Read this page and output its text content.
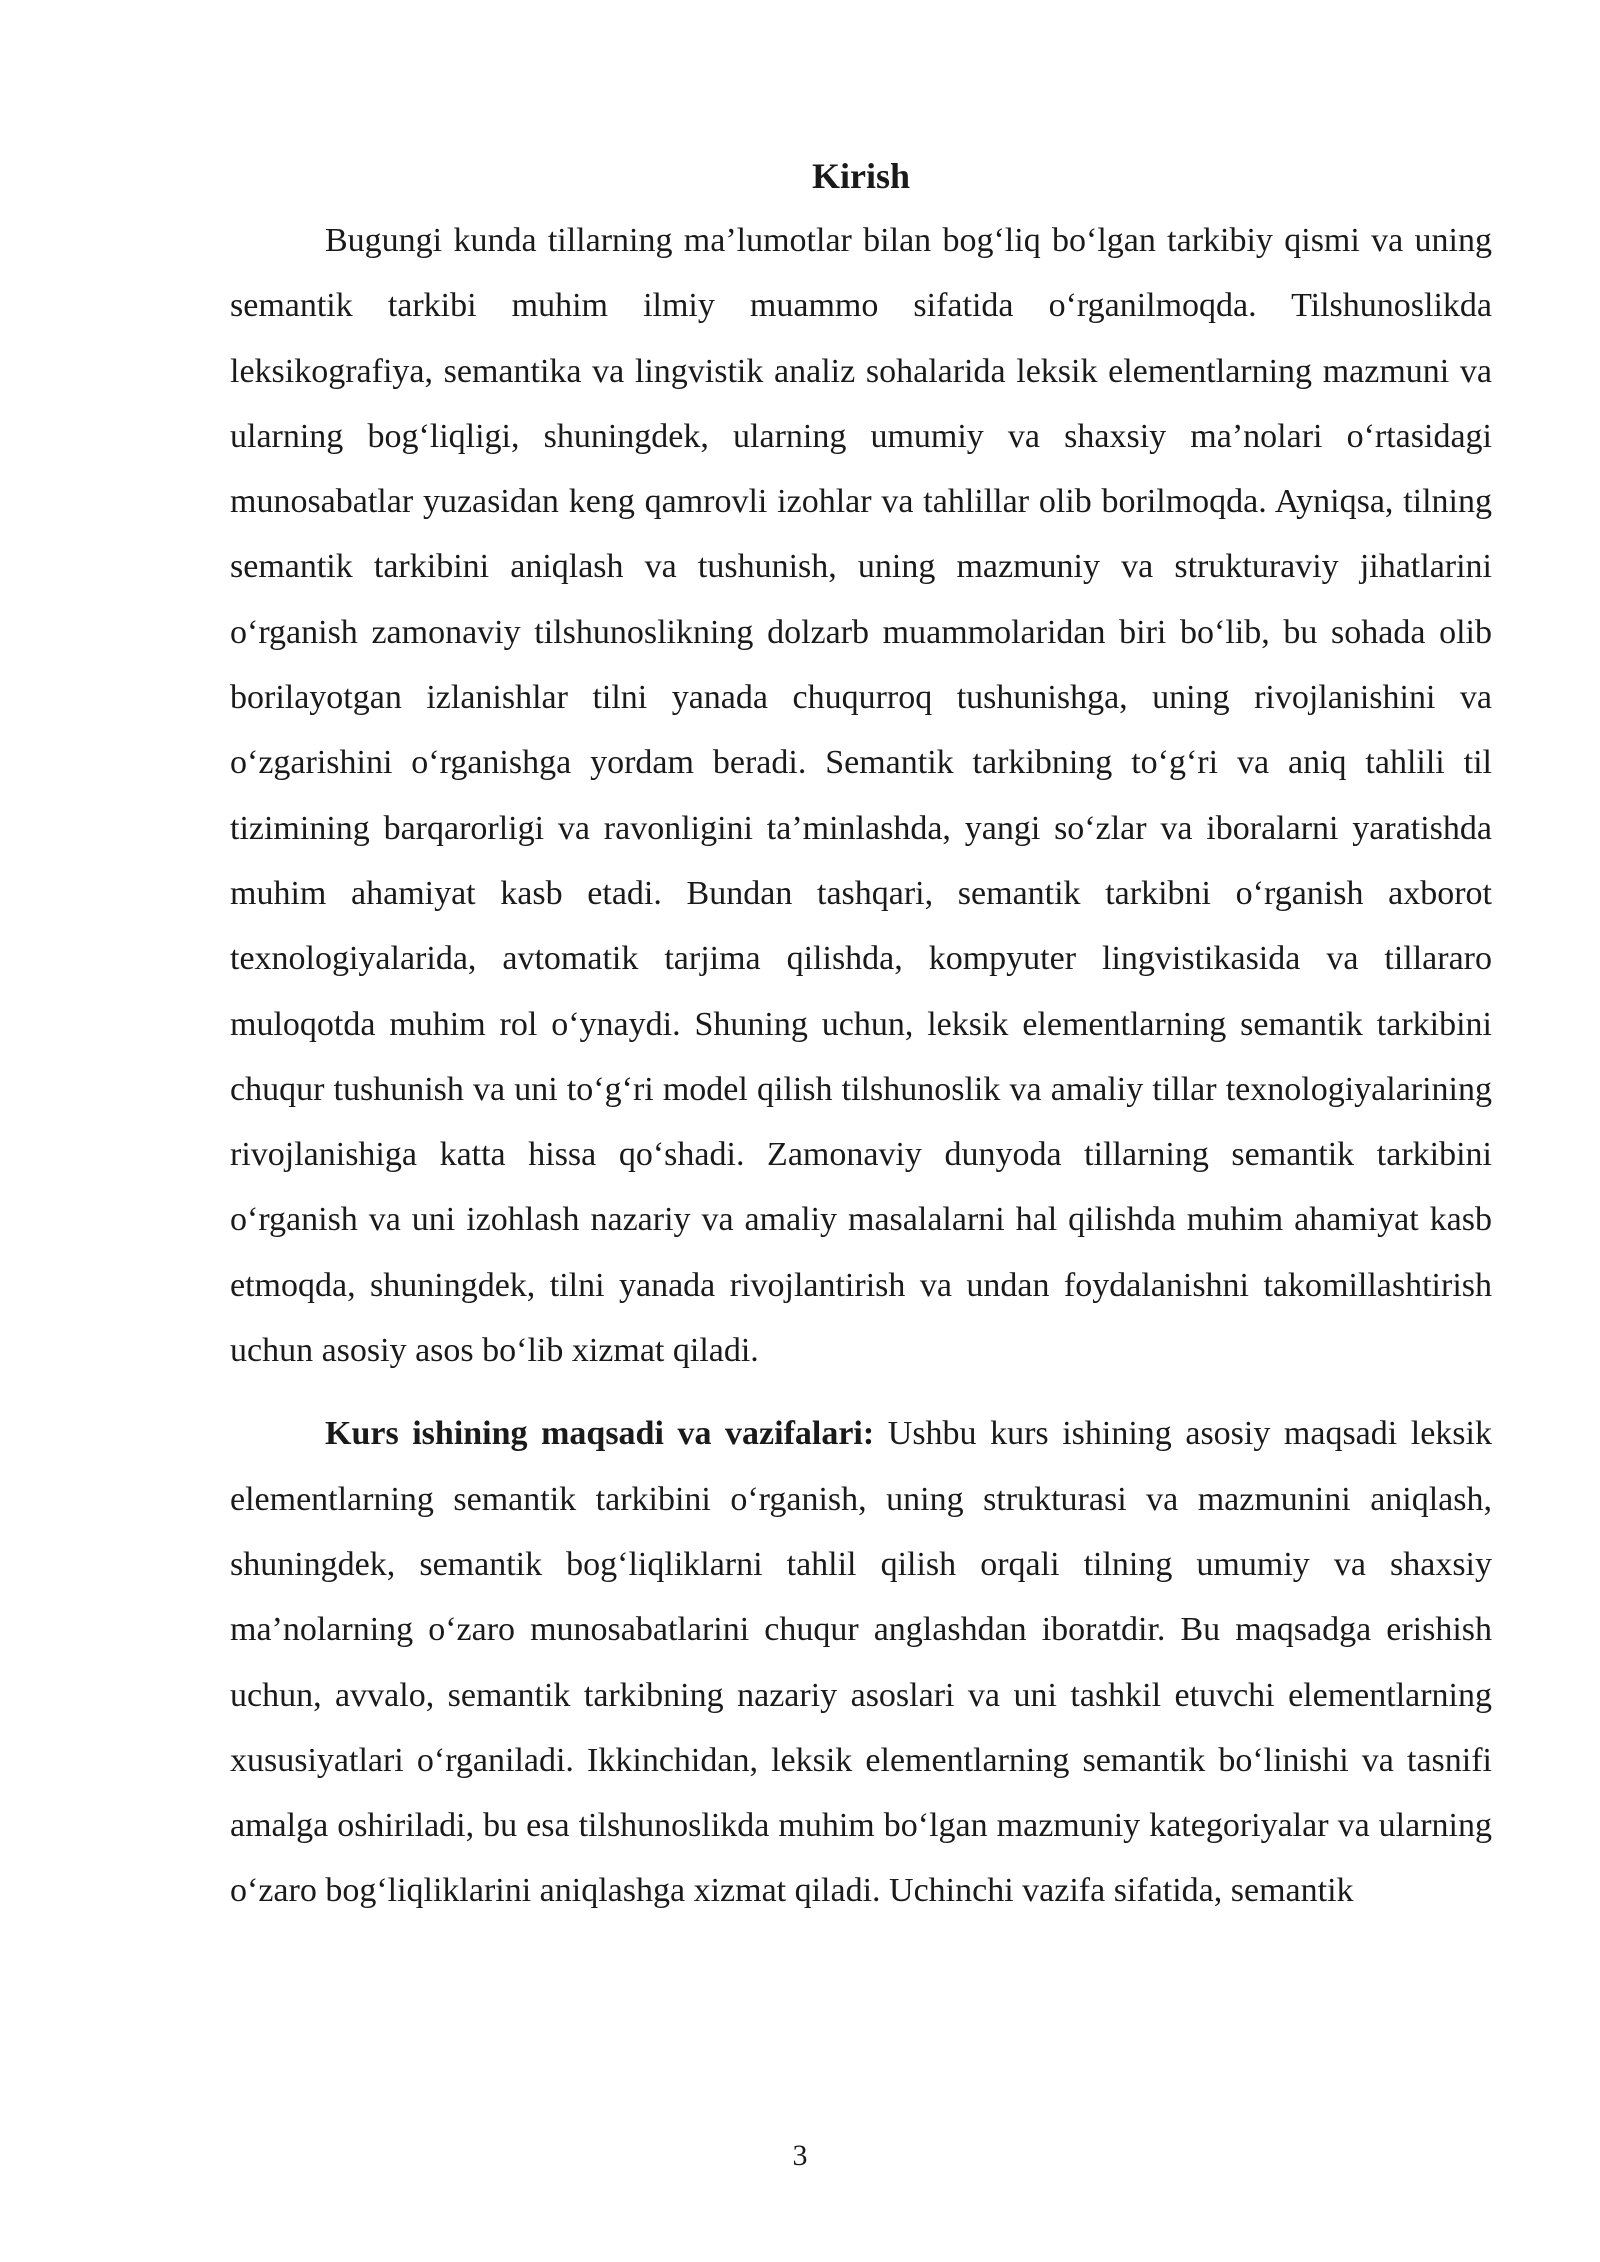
Kirish

Bugungi kunda tillarning ma’lumotlar bilan bog‘liq bo‘lgan tarkibiy qismi va uning semantik tarkibi muhim ilmiy muammo sifatida o‘rganilmoqda. Tilshunoslikda leksikografiya, semantika va lingvistik analiz sohalarida leksik elementlarning mazmuni va ularning bog‘liqligi, shuningdek, ularning umumiy va shaxsiy ma’nolari o‘rtasidagi munosabatlar yuzasidan keng qamrovli izohlar va tahlillar olib borilmoqda. Ayniqsa, tilning semantik tarkibini aniqlash va tushunish, uning mazmuniy va strukturaviy jihatlarini o‘rganish zamonaviy tilshunoslikning dolzarb muammolaridan biri bo‘lib, bu sohada olib borilayotgan izlanishlar tilni yanada chuqurroq tushunishga, uning rivojlanishini va o‘zgarishini o‘rganishga yordam beradi. Semantik tarkibning to‘g‘ri va aniq tahlili til tizimining barqarorligi va ravonligini ta’minlashda, yangi so‘zlar va iboralarni yaratishda muhim ahamiyat kasb etadi. Bundan tashqari, semantik tarkibni o‘rganish axborot texnologiyalarida, avtomatik tarjima qilishda, kompyuter lingvistikasida va tillararo muloqotda muhim rol o‘ynaydi. Shuning uchun, leksik elementlarning semantik tarkibini chuqur tushunish va uni to‘g‘ri model qilish tilshunoslik va amaliy tillar texnologiyalarining rivojlanishiga katta hissa qo‘shadi. Zamonaviy dunyoda tillarning semantik tarkibini o‘rganish va uni izohlash nazariy va amaliy masalalarni hal qilishda muhim ahamiyat kasb etmoqda, shuningdek, tilni yanada rivojlantirish va undan foydalanishni takomillashtirish uchun asosiy asos bo‘lib xizmat qiladi.

Kurs ishining maqsadi va vazifalari: Ushbu kurs ishining asosiy maqsadi leksik elementlarning semantik tarkibini o‘rganish, uning strukturasi va mazmunini aniqlash, shuningdek, semantik bog‘liqliklarni tahlil qilish orqali tilning umumiy va shaxsiy ma’nolarning o‘zaro munosabatlarini chuqur anglashdan iboratdir. Bu maqsadga erishish uchun, avvalo, semantik tarkibning nazariy asoslari va uni tashkil etuvchi elementlarning xususiyatlari o‘rganiladi. Ikkinchidan, leksik elementlarning semantik bo‘linishi va tasnifi amalga oshiriladi, bu esa tilshunoslikda muhim bo‘lgan mazmuniy kategoriyalar va ularning o‘zaro bog‘liqliklarini aniqlashga xizmat qiladi. Uchinchi vazifa sifatida, semantik

3
